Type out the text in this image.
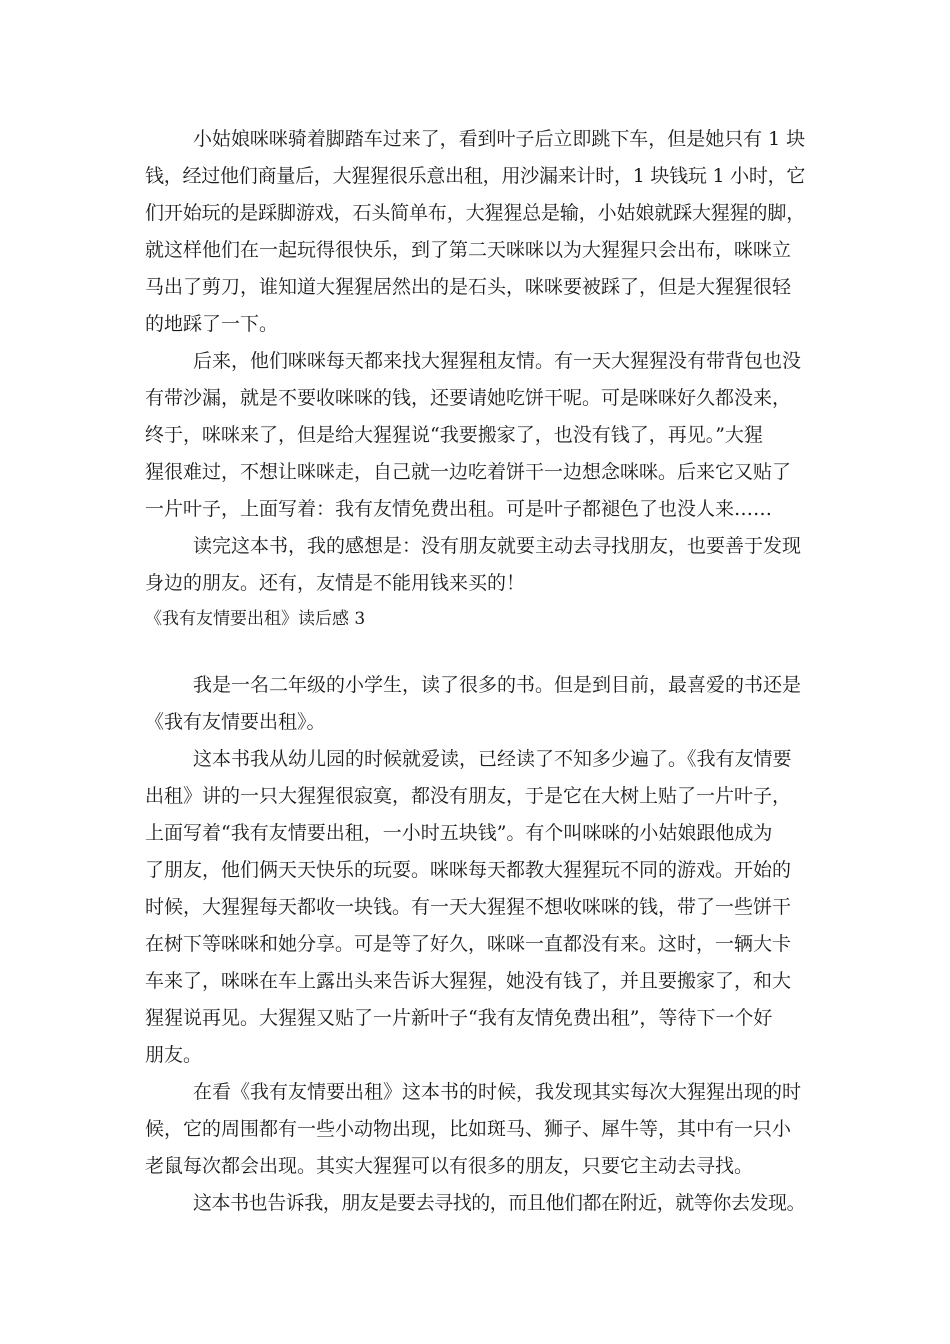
小姑娘咪咪骑着脚踏车过来了，看到叶子后立即跳下车，但是她只有 1 块
钱，经过他们商量后，大猩猩很乐意出租，用沙漏来计时，1 块钱玩 1 小时，它
们开始玩的是踩脚游戏，石头简单布，大猩猩总是输，小姑娘就踩大猩猩的脚，
就这样他们在一起玩得很快乐，到了第二天咪咪以为大猩猩只会出布，咪咪立
马出了剪刀，谁知道大猩猩居然出的是石头，咪咪要被踩了，但是大猩猩很轻
的地踩了一下。
后来，他们咪咪每天都来找大猩猩租友情。有一天大猩猩没有带背包也没
有带沙漏，就是不要收咪咪的钱，还要请她吃饼干呢。可是咪咪好久都没来，
终于，咪咪来了，但是给大猩猩说“我要搬家了，也没有钱了，再见。”大猩
猩很难过，不想让咪咪走，自己就一边吃着饼干一边想念咪咪。后来它又贴了
一片叶子，上面写着：我有友情免费出租。可是叶子都褪色了也没人来……
读完这本书，我的感想是：没有朋友就要主动去寻找朋友，也要善于发现
身边的朋友。还有，友情是不能用钱来买的！
《我有友情要出租》读后感 3
我是一名二年级的小学生，读了很多的书。但是到目前，最喜爱的书还是
《我有友情要出租》。
这本书我从幼儿园的时候就爱读，已经读了不知多少遍了。《我有友情要
出租》讲的一只大猩猩很寂寞，都没有朋友，于是它在大树上贴了一片叶子，
上面写着“我有友情要出租，一小时五块钱”。有个叫咪咪的小姑娘跟他成为
了朋友，他们俩天天快乐的玩耍。咪咪每天都教大猩猩玩不同的游戏。开始的
时候，大猩猩每天都收一块钱。有一天大猩猩不想收咪咪的钱，带了一些饼干
在树下等咪咪和她分享。可是等了好久，咪咪一直都没有来。这时，一辆大卡
车来了，咪咪在车上露出头来告诉大猩猩，她没有钱了，并且要搬家了，和大
猩猩说再见。大猩猩又贴了一片新叶子“我有友情免费出租”，等待下一个好
朋友。
在看《我有友情要出租》这本书的时候，我发现其实每次大猩猩出现的时
候，它的周围都有一些小动物出现，比如斑马、狮子、犀牛等，其中有一只小
老鼠每次都会出现。其实大猩猩可以有很多的朋友，只要它主动去寻找。
这本书也告诉我，朋友是要去寻找的，而且他们都在附近，就等你去发现。
